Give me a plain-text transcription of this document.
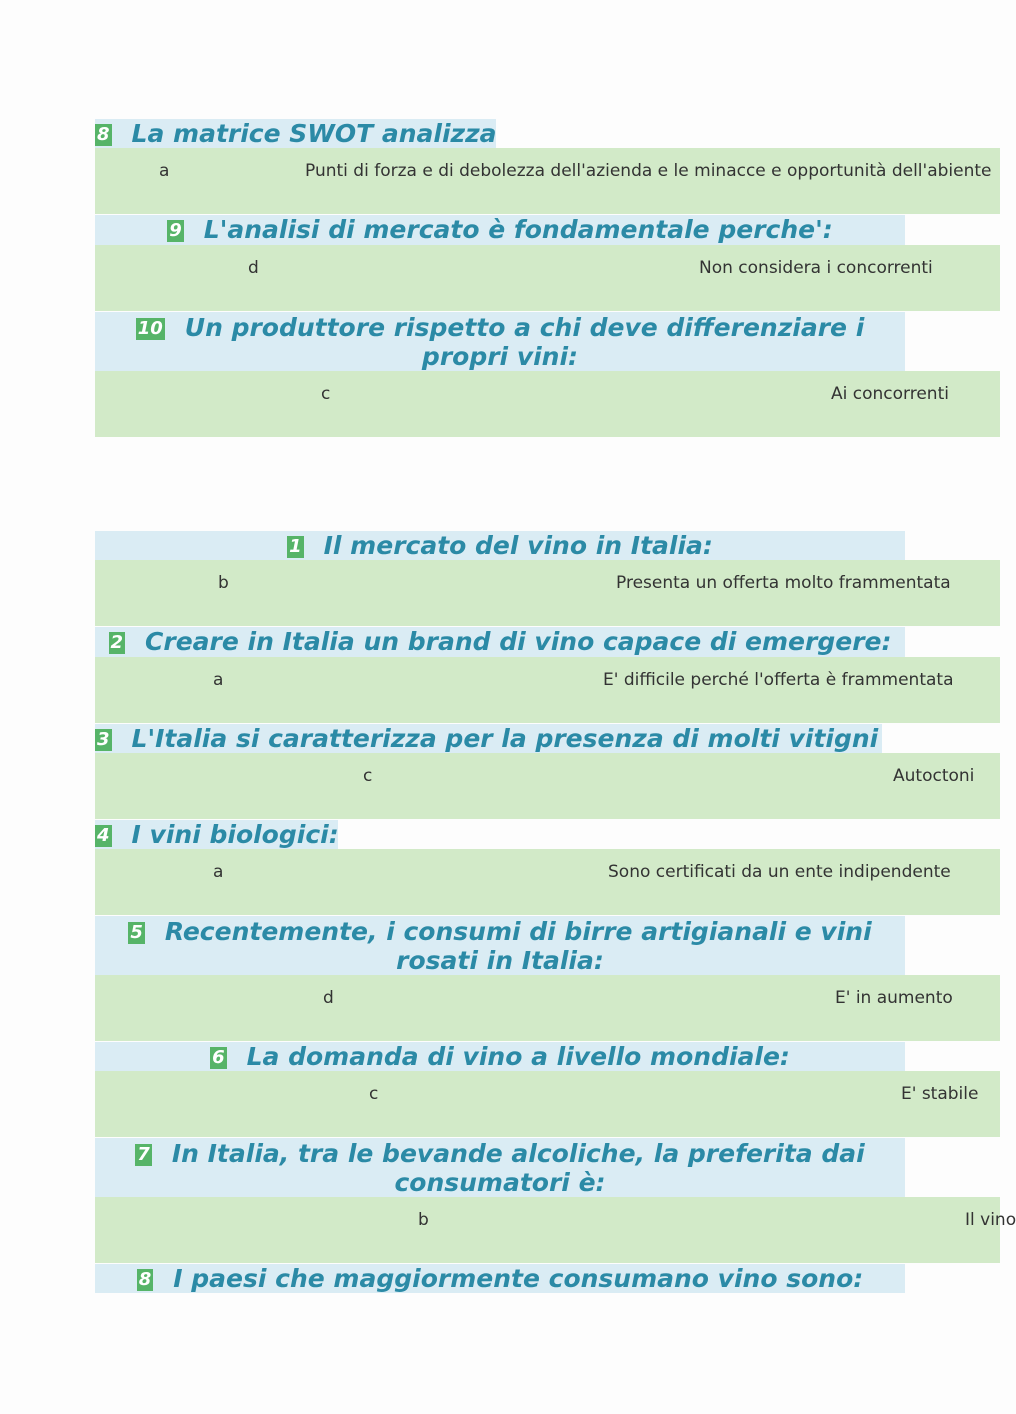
8 La matrice SWOT analizza
a	Punti di forza e di debolezza dell'azienda e le minacce e opportunità dell'abiente
9 L'analisi di mercato è fondamentale perche':
d	Non considera i concorrenti
10 Un produttore rispetto a chi deve differenziare i
propri vini:
c	Ai concorrenti
1 Il mercato del vino in Italia:
b	Presenta un offerta molto frammentata
2 Creare in Italia un brand di vino capace di emergere:
a	E' difficile perché l'offerta è frammentata
3 L'Italia si caratterizza per la presenza di molti vitigni
c	Autoctoni
4 I vini biologici:
a	Sono certificati da un ente indipendente
5 Recentemente, i consumi di birre artigianali e vini
rosati in Italia:
d	E' in aumento
6 La domanda di vino a livello mondiale:
c	E' stabile
7 In Italia, tra le bevande alcoliche, la preferita dai
consumatori è:
b	Il vino
8 I paesi che maggiormente consumano vino sono:
